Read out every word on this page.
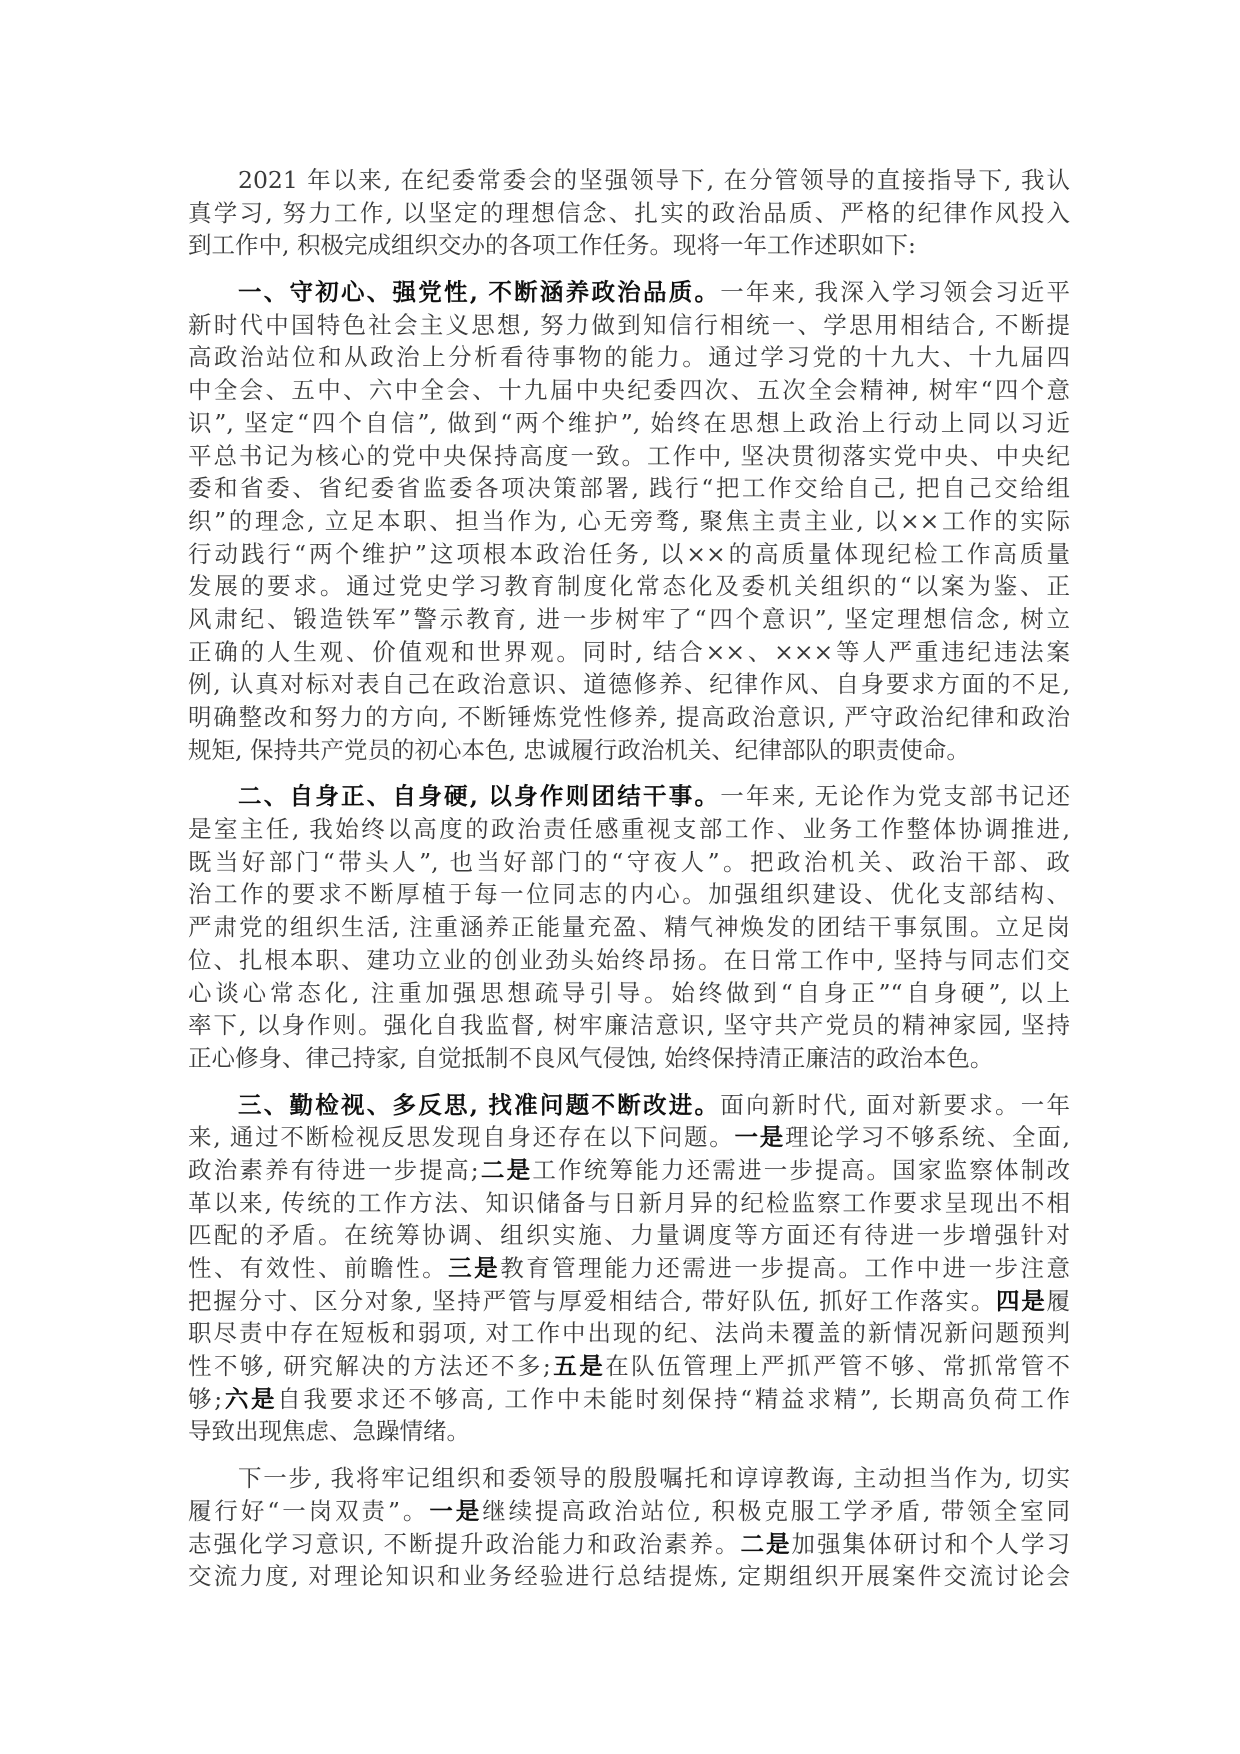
2021 年以来, 在纪委常委会的坚强领导下, 在分管领导的直接指导下, 我认
真学习, 努力工作, 以坚定的理想信念、扎实的政治品质、严格的纪律作风投入
到工作中, 积极完成组织交办的各项工作任务。现将一年工作述职如下:
一、守初心、强党性, 不断涵养政治品质。一年来, 我深入学习领会习近平
新时代中国特色社会主义思想, 努力做到知信行相统一、学思用相结合, 不断提
高政治站位和从政治上分析看待事物的能力。通过学习党的十九大、十九届四
中全会、五中、六中全会、十九届中央纪委四次、五次全会精神, 树牢“四个意
识”, 坚定“四个自信”, 做到“两个维护”, 始终在思想上政治上行动上同以习近
平总书记为核心的党中央保持高度一致。工作中, 坚决贯彻落实党中央、中央纪
委和省委、省纪委省监委各项决策部署, 践行“把工作交给自己, 把自己交给组
织”的理念, 立足本职、担当作为, 心无旁骛, 聚焦主责主业, 以××工作的实际
行动践行“两个维护”这项根本政治任务, 以××的高质量体现纪检工作高质量
发展的要求。通过党史学习教育制度化常态化及委机关组织的“以案为鉴、正
风肃纪、锻造铁军”警示教育, 进一步树牢了“四个意识”, 坚定理想信念, 树立
正确的人生观、价值观和世界观。同时, 结合××、×××等人严重违纪违法案
例, 认真对标对表自己在政治意识、道德修养、纪律作风、自身要求方面的不足,
明确整改和努力的方向, 不断锤炼党性修养, 提高政治意识, 严守政治纪律和政治
规矩, 保持共产党员的初心本色, 忠诚履行政治机关、纪律部队的职责使命。
二、自身正、自身硬, 以身作则团结干事。一年来, 无论作为党支部书记还
是室主任, 我始终以高度的政治责任感重视支部工作、业务工作整体协调推进,
既当好部门“带头人”, 也当好部门的“守夜人”。把政治机关、政治干部、政
治工作的要求不断厚植于每一位同志的内心。加强组织建设、优化支部结构、
严肃党的组织生活, 注重涵养正能量充盈、精气神焕发的团结干事氛围。立足岗
位、扎根本职、建功立业的创业劲头始终昂扬。在日常工作中, 坚持与同志们交
心谈心常态化, 注重加强思想疏导引导。始终做到“自身正”“自身硬”, 以上
率下, 以身作则。强化自我监督, 树牢廉洁意识, 坚守共产党员的精神家园, 坚持
正心修身、律己持家, 自觉抵制不良风气侵蚀, 始终保持清正廉洁的政治本色。
三、勤检视、多反思, 找准问题不断改进。面向新时代, 面对新要求。一年
来, 通过不断检视反思发现自身还存在以下问题。一是理论学习不够系统、全面,
政治素养有待进一步提高;二是工作统筹能力还需进一步提高。国家监察体制改
革以来, 传统的工作方法、知识储备与日新月异的纪检监察工作要求呈现出不相
匹配的矛盾。在统筹协调、组织实施、力量调度等方面还有待进一步增强针对
性、有效性、前瞻性。三是教育管理能力还需进一步提高。工作中进一步注意
把握分寸、区分对象, 坚持严管与厚爱相结合, 带好队伍, 抓好工作落实。四是履
职尽责中存在短板和弱项, 对工作中出现的纪、法尚未覆盖的新情况新问题预判
性不够, 研究解决的方法还不多;五是在队伍管理上严抓严管不够、常抓常管不
够;六是自我要求还不够高, 工作中未能时刻保持“精益求精”, 长期高负荷工作
导致出现焦虑、急躁情绪。
下一步, 我将牢记组织和委领导的殷殷嘱托和谆谆教诲, 主动担当作为, 切实
履行好“一岗双责”。一是继续提高政治站位, 积极克服工学矛盾, 带领全室同
志强化学习意识, 不断提升政治能力和政治素养。二是加强集体研讨和个人学习
交流力度, 对理论知识和业务经验进行总结提炼, 定期组织开展案件交流讨论会
